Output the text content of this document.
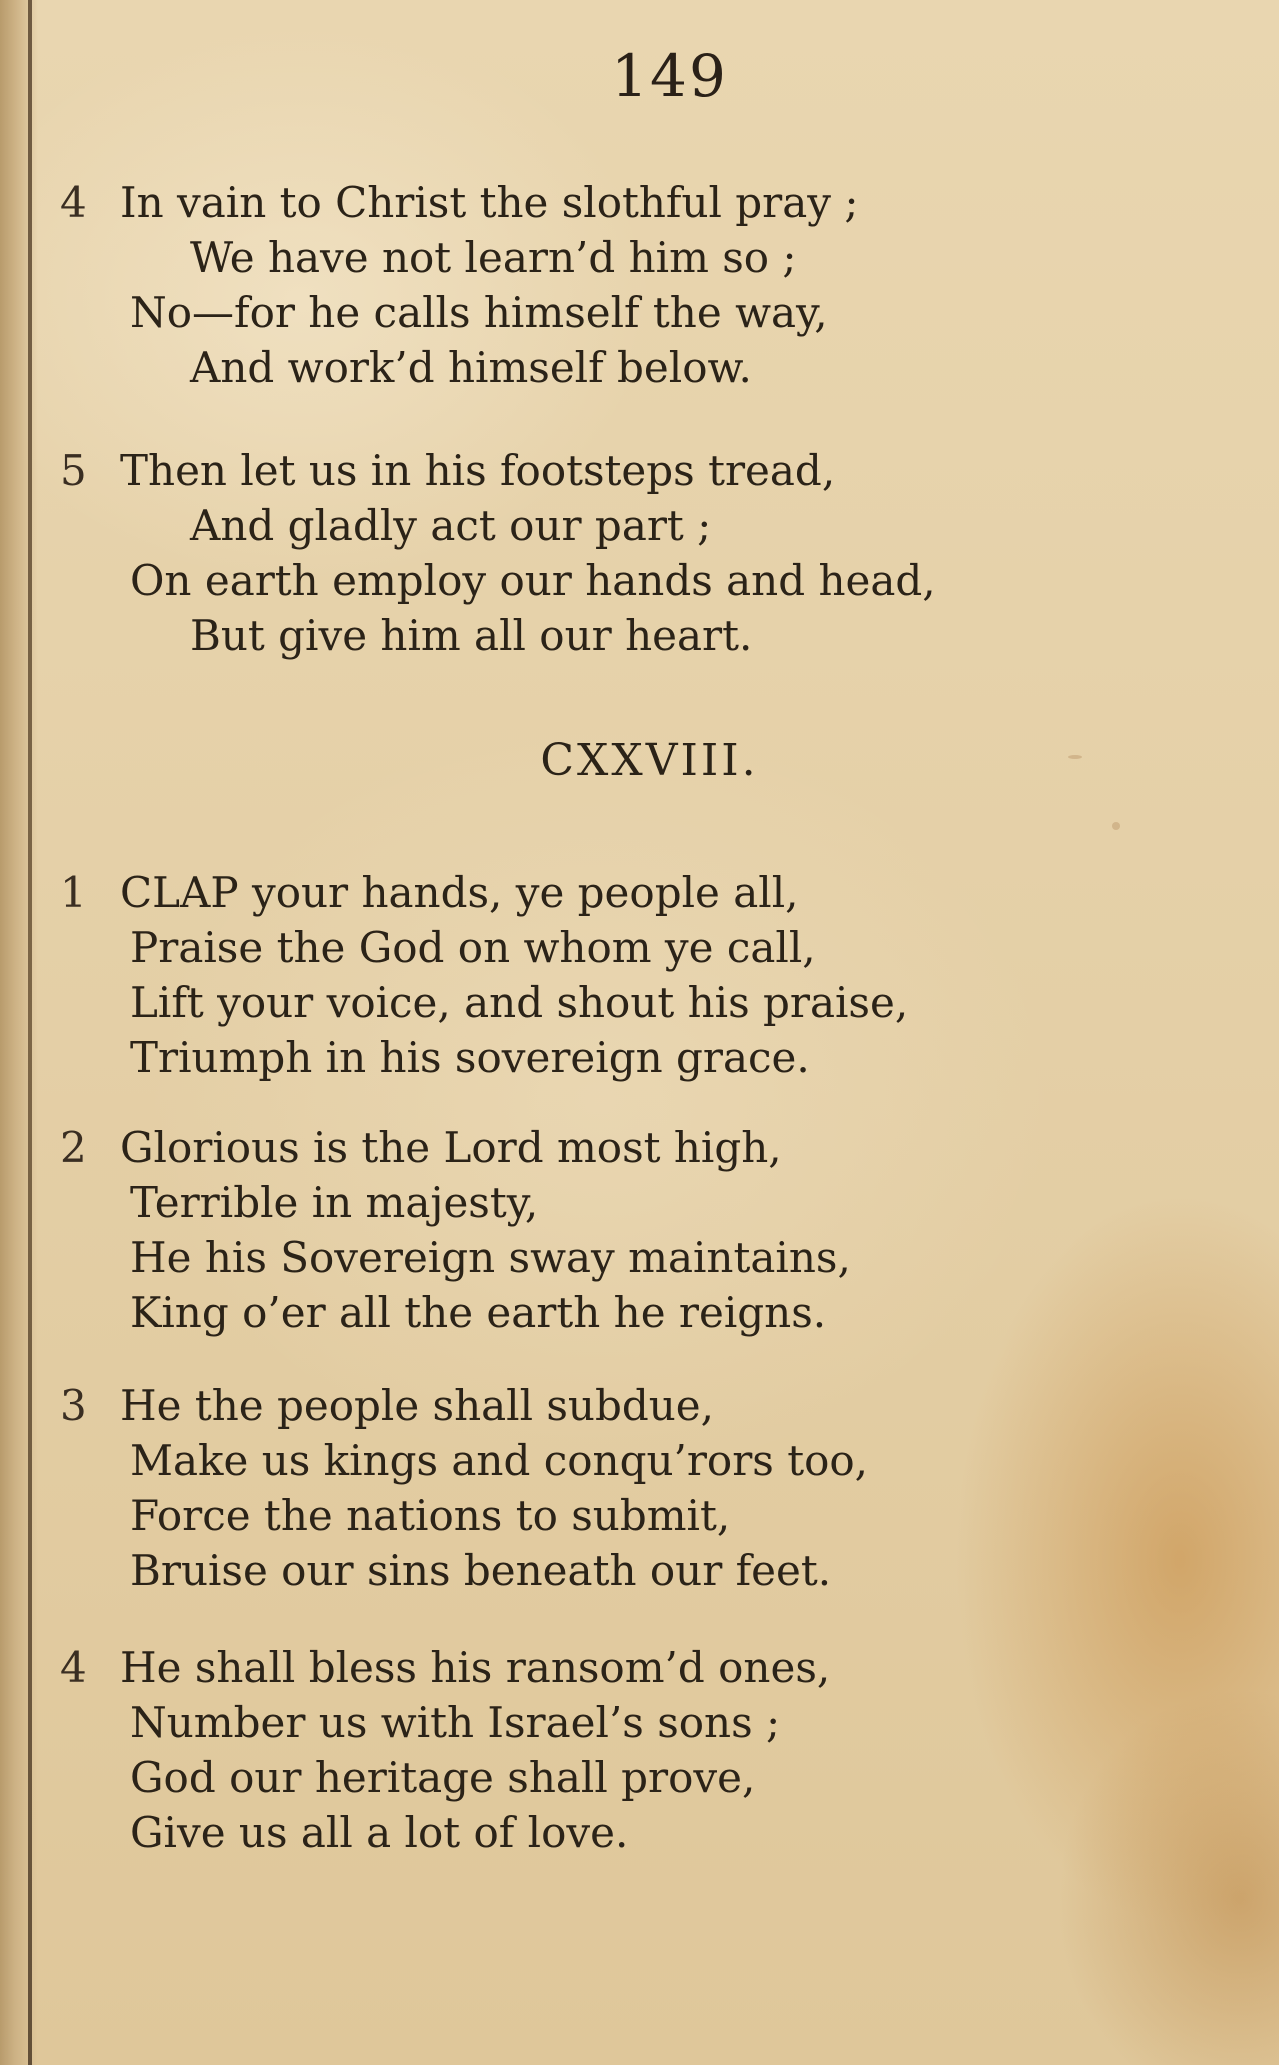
149
4 In vain to Christ the slothful pray ;
We have not learn’d him so ;
No—for he calls himself the way,
And work’d himself below.
5 Then let us in his footsteps tread,
And gladly act our part ;
On earth employ our hands and head,
But give him all our heart.
CXXVIII.
1 CLAP your hands, ye people all,
Praise the God on whom ye call,
Lift your voice, and shout his praise,
Triumph in his sovereign grace.
2 Glorious is the Lord most high,
Terrible in majesty,
He his Sovereign sway maintains,
King o’er all the earth he reigns.
3 He the people shall subdue,
Make us kings and conqu’rors too,
Force the nations to submit,
Bruise our sins beneath our feet.
4 He shall bless his ransom’d ones,
Number us with Israel’s sons ;
God our heritage shall prove,
Give us all a lot of love.
